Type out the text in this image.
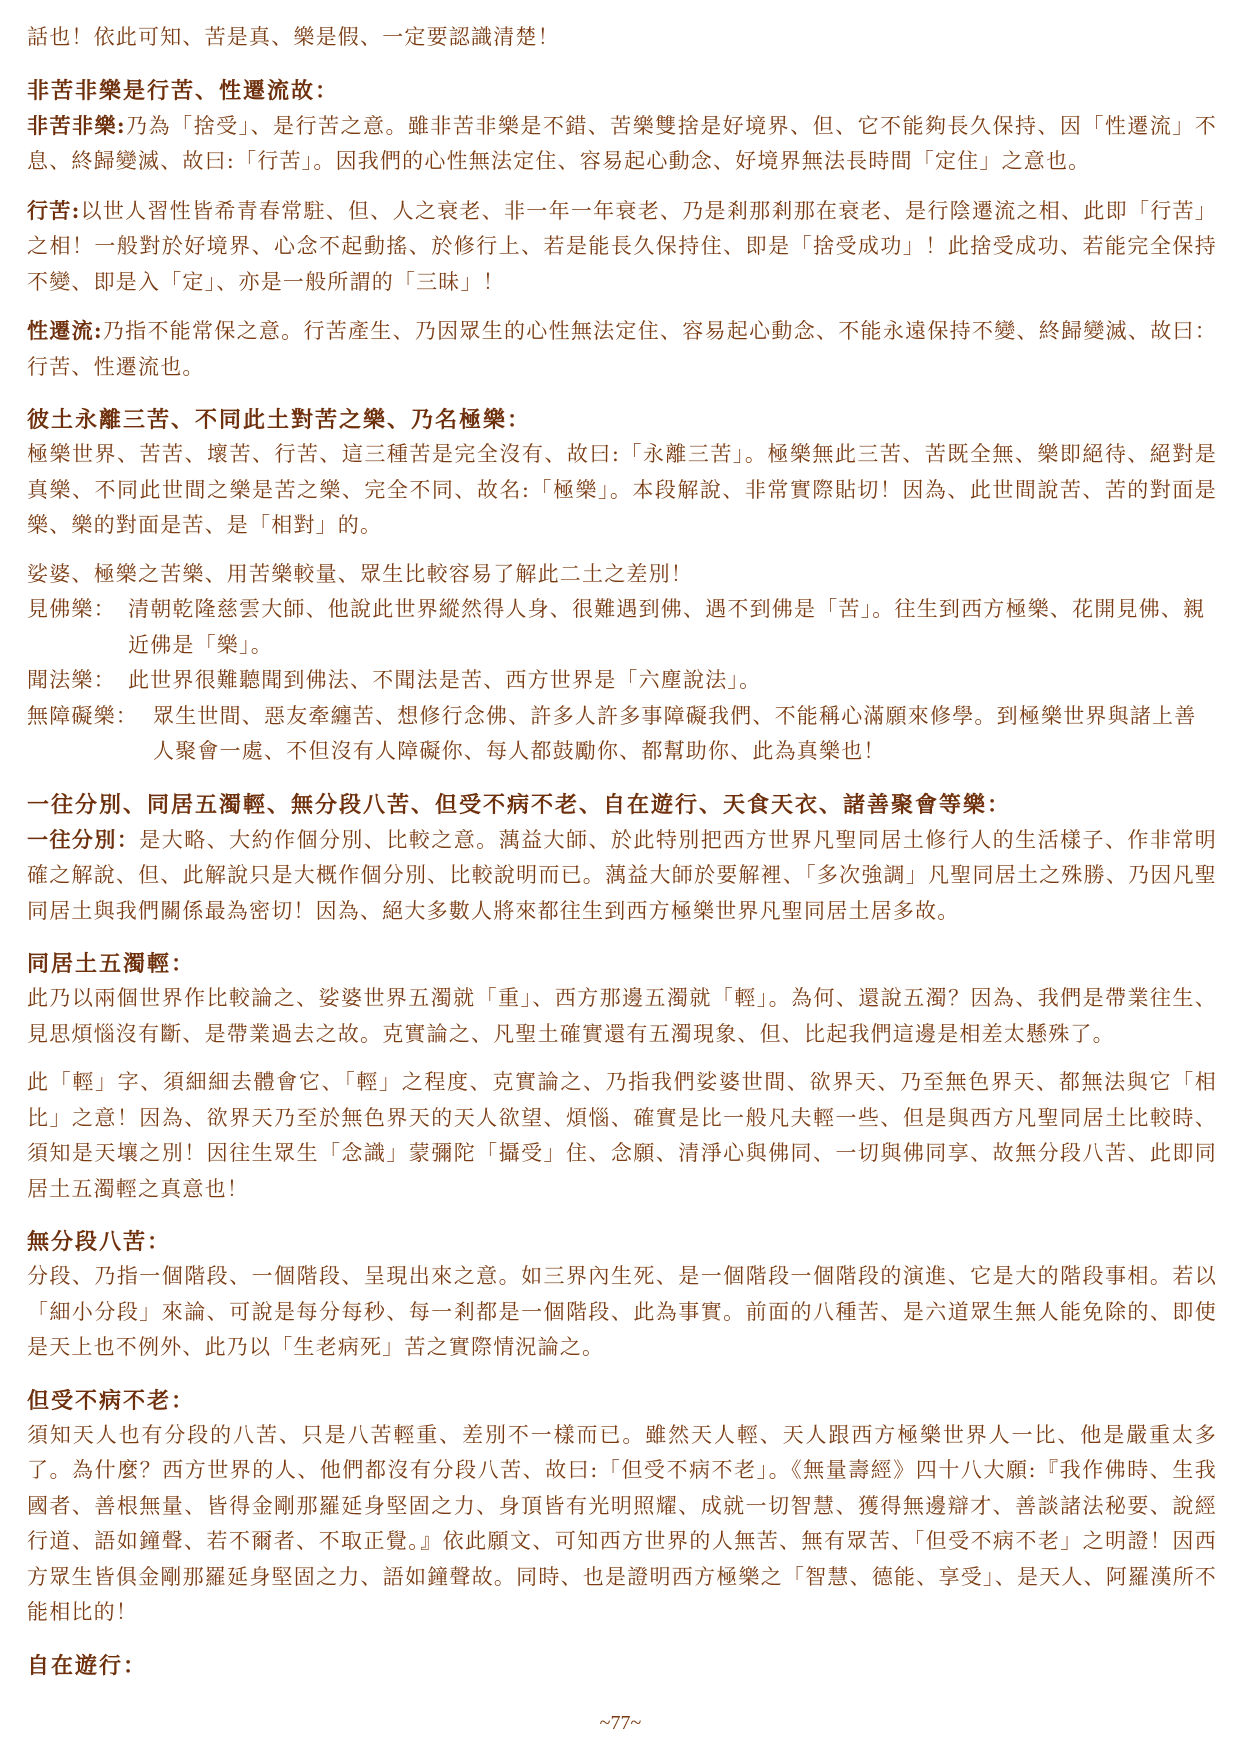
話也！依此可知、苦是真、樂是假、一定要認識清楚！

非苦非樂是行苦、性遷流故：

非苦非樂:乃為「捨受」、是行苦之意。雖非苦非樂是不錯、苦樂雙捨是好境界、但、它不能夠長久保持、因「性遷流」不息、終歸變滅、故曰:「行苦」。因我們的心性無法定住、容易起心動念、好境界無法長時間「定住」之意也。

行苦:以世人習性皆希青春常駐、但、人之衰老、非一年一年衰老、乃是剎那剎那在衰老、是行陰遷流之相、此即「行苦」之相！一般對於好境界、心念不起動搖、於修行上、若是能長久保持住、即是「捨受成功」！此捨受成功、若能完全保持不變、即是入「定」、亦是一般所謂的「三昧」！

性遷流:乃指不能常保之意。行苦產生、乃因眾生的心性無法定住、容易起心動念、不能永遠保持不變、終歸變滅、故曰：行苦、性遷流也。

彼土永離三苦、不同此土對苦之樂、乃名極樂：

極樂世界、苦苦、壞苦、行苦、這三種苦是完全沒有、故曰:「永離三苦」。極樂無此三苦、苦既全無、樂即絕待、絕對是真樂、不同此世間之樂是苦之樂、完全不同、故名:「極樂」。本段解說、非常實際貼切！因為、此世間說苦、苦的對面是樂、樂的對面是苦、是「相對」的。

娑婆、極樂之苦樂、用苦樂較量、眾生比較容易了解此二土之差別！

見佛樂： 清朝乾隆慈雲大師、他說此世界縱然得人身、很難遇到佛、遇不到佛是「苦」。往生到西方極樂、花開見佛、親近佛是「樂」。
聞法樂： 此世界很難聽聞到佛法、不聞法是苦、西方世界是「六塵說法」。
無障礙樂： 眾生世間、惡友牽纏苦、想修行念佛、許多人許多事障礙我們、不能稱心滿願來修學。到極樂世界與諸上善人聚會一處、不但沒有人障礙你、每人都鼓勵你、都幫助你、此為真樂也！
一往分別、同居五濁輕、無分段八苦、但受不病不老、自在遊行、天食天衣、諸善聚會等樂：

一往分別：是大略、大約作個分別、比較之意。蕅益大師、於此特別把西方世界凡聖同居土修行人的生活樣子、作非常明確之解說、但、此解說只是大概作個分別、比較說明而已。蕅益大師於要解裡、「多次強調」凡聖同居土之殊勝、乃因凡聖同居土與我們關係最為密切！因為、絕大多數人將來都往生到西方極樂世界凡聖同居土居多故。

同居土五濁輕：

此乃以兩個世界作比較論之、娑婆世界五濁就「重」、西方那邊五濁就「輕」。為何、還說五濁？因為、我們是帶業往生、見思煩惱沒有斷、是帶業過去之故。克實論之、凡聖土確實還有五濁現象、但、比起我們這邊是相差太懸殊了。

此「輕」字、須細細去體會它、「輕」之程度、克實論之、乃指我們娑婆世間、欲界天、乃至無色界天、都無法與它「相比」之意！因為、欲界天乃至於無色界天的天人欲望、煩惱、確實是比一般凡夫輕一些、但是與西方凡聖同居土比較時、須知是天壤之別！因往生眾生「念識」蒙彌陀「攝受」住、念願、清淨心與佛同、一切與佛同享、故無分段八苦、此即同居土五濁輕之真意也！

無分段八苦：

分段、乃指一個階段、一個階段、呈現出來之意。如三界內生死、是一個階段一個階段的演進、它是大的階段事相。若以「細小分段」來論、可說是每分每秒、每一剎都是一個階段、此為事實。前面的八種苦、是六道眾生無人能免除的、即使是天上也不例外、此乃以「生老病死」苦之實際情況論之。

但受不病不老：

須知天人也有分段的八苦、只是八苦輕重、差別不一樣而已。雖然天人輕、天人跟西方極樂世界人一比、他是嚴重太多了。為什麼？西方世界的人、他們都沒有分段八苦、故曰:「但受不病不老」。《無量壽經》四十八大願:『我作佛時、生我國者、善根無量、皆得金剛那羅延身堅固之力、身頂皆有光明照耀、成就一切智慧、獲得無邊辯才、善談諸法秘要、說經行道、語如鐘聲、若不爾者、不取正覺。』依此願文、可知西方世界的人無苦、無有眾苦、「但受不病不老」之明證！因西方眾生皆俱金剛那羅延身堅固之力、語如鐘聲故。同時、也是證明西方極樂之「智慧、德能、享受」、是天人、阿羅漢所不能相比的！

自在遊行：
~77~
